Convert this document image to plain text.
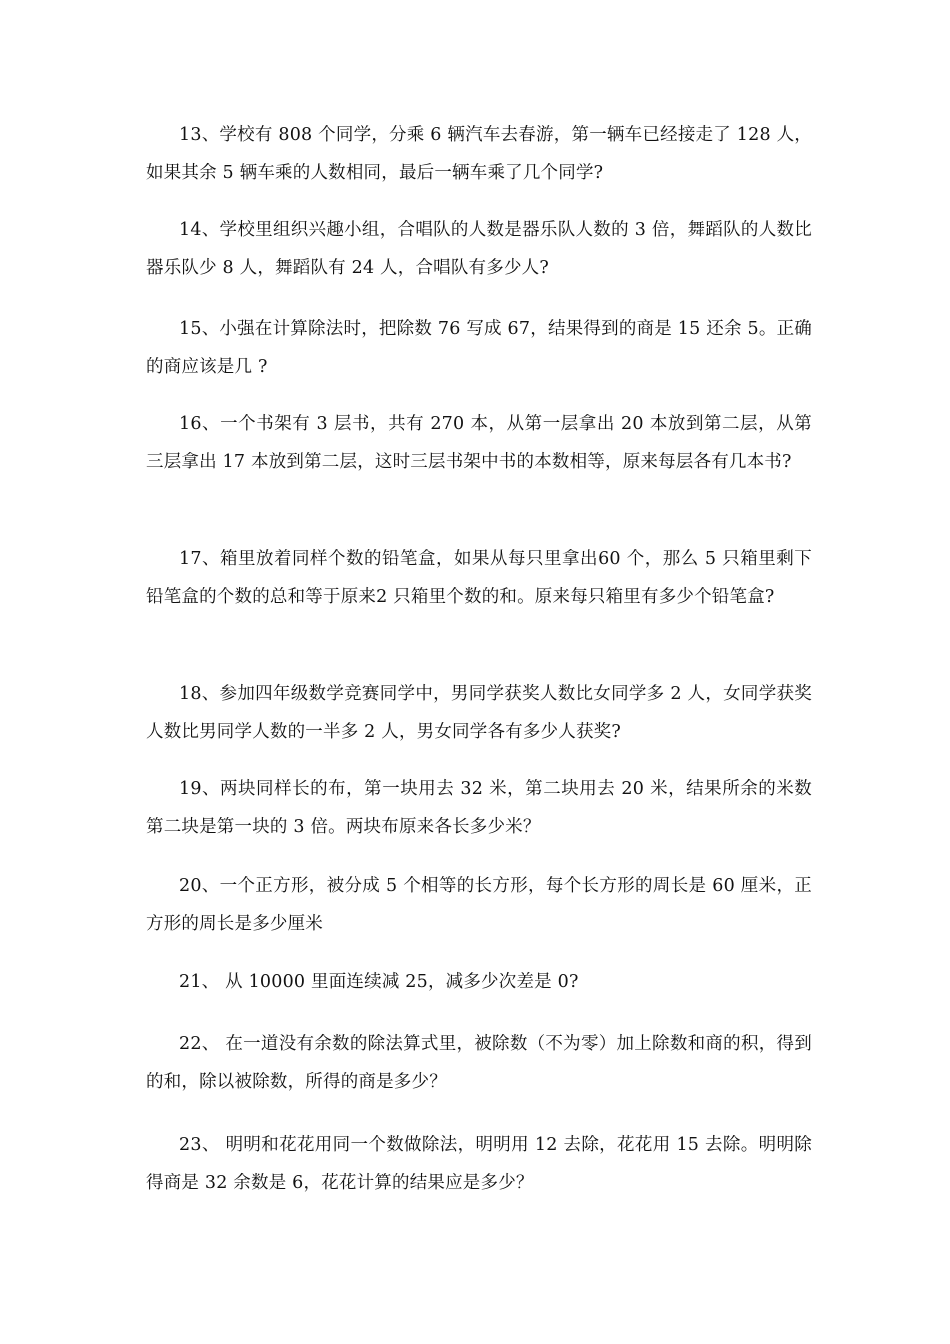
13、学校有 808 个同学，分乘 6 辆汽车去春游，第一辆车已经接走了 128 人，如果其余 5 辆车乘的人数相同，最后一辆车乘了几个同学?

14、学校里组织兴趣小组，合唱队的人数是器乐队人数的 3 倍，舞蹈队的人数比器乐队少 8 人，舞蹈队有 24 人，合唱队有多少人?

15、小强在计算除法时，把除数 76 写成 67，结果得到的商是 15 还余 5。正确的商应该是几 ?

16、一个书架有 3 层书，共有 270 本，从第一层拿出 20 本放到第二层，从第三层拿出 17 本放到第二层，这时三层书架中书的本数相等，原来每层各有几本书?

17、箱里放着同样个数的铅笔盒，如果从每只里拿出60 个，那么 5 只箱里剩下铅笔盒的个数的总和等于原来2 只箱里个数的和。原来每只箱里有多少个铅笔盒?

18、参加四年级数学竞赛同学中，男同学获奖人数比女同学多 2 人，女同学获奖人数比男同学人数的一半多 2 人，男女同学各有多少人获奖?

19、两块同样长的布，第一块用去 32 米，第二块用去 20 米，结果所余的米数第二块是第一块的 3 倍。两块布原来各长多少米？

20、一个正方形，被分成 5 个相等的长方形，每个长方形的周长是 60 厘米，正方形的周长是多少厘米

21、 从 10000 里面连续减 25，减多少次差是 0?

22、 在一道没有余数的除法算式里，被除数（不为零）加上除数和商的积，得到的和，除以被除数，所得的商是多少？

23、 明明和花花用同一个数做除法，明明用 12 去除，花花用 15 去除。明明除得商是 32 余数是 6，花花计算的结果应是多少？
